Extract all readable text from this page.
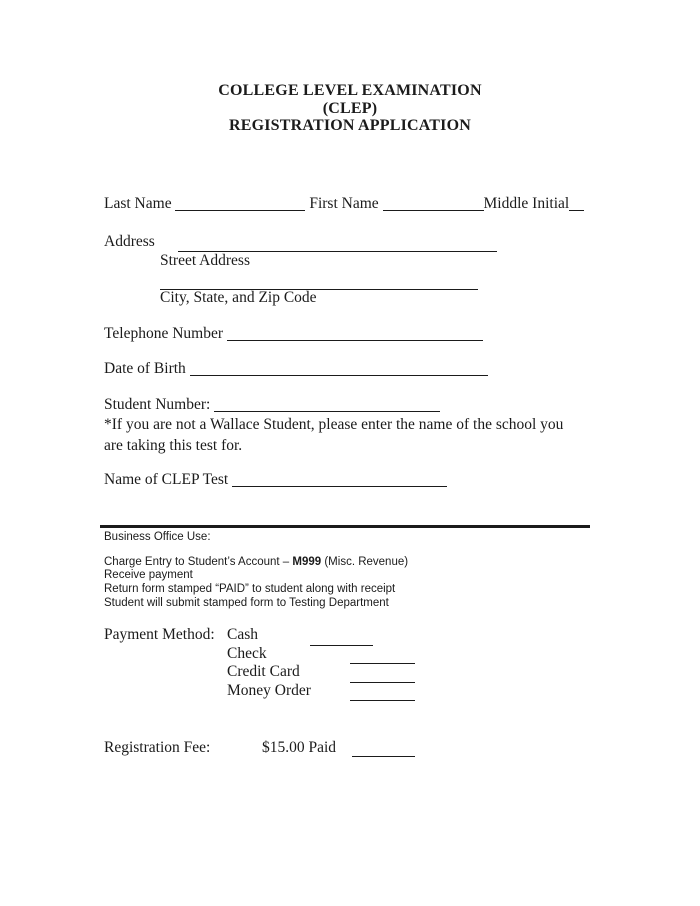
COLLEGE LEVEL EXAMINATION
(CLEP)
REGISTRATION APPLICATION
Last Name	First Name	Middle Initial
Address
Street Address
City, State, and Zip Code
Telephone Number
Date of Birth
Student Number:
*If you are not a Wallace Student, please enter the name of the school you
are taking this test for.
Name of CLEP Test
Business Office Use:
Charge Entry to Student’s Account – M999 (Misc. Revenue)
Receive payment
Return form stamped “PAID” to student along with receipt
Student will submit stamped form to Testing Department
Payment Method: Cash
Check
Credit Card
Money Order
Registration Fee:	$15.00 Paid
